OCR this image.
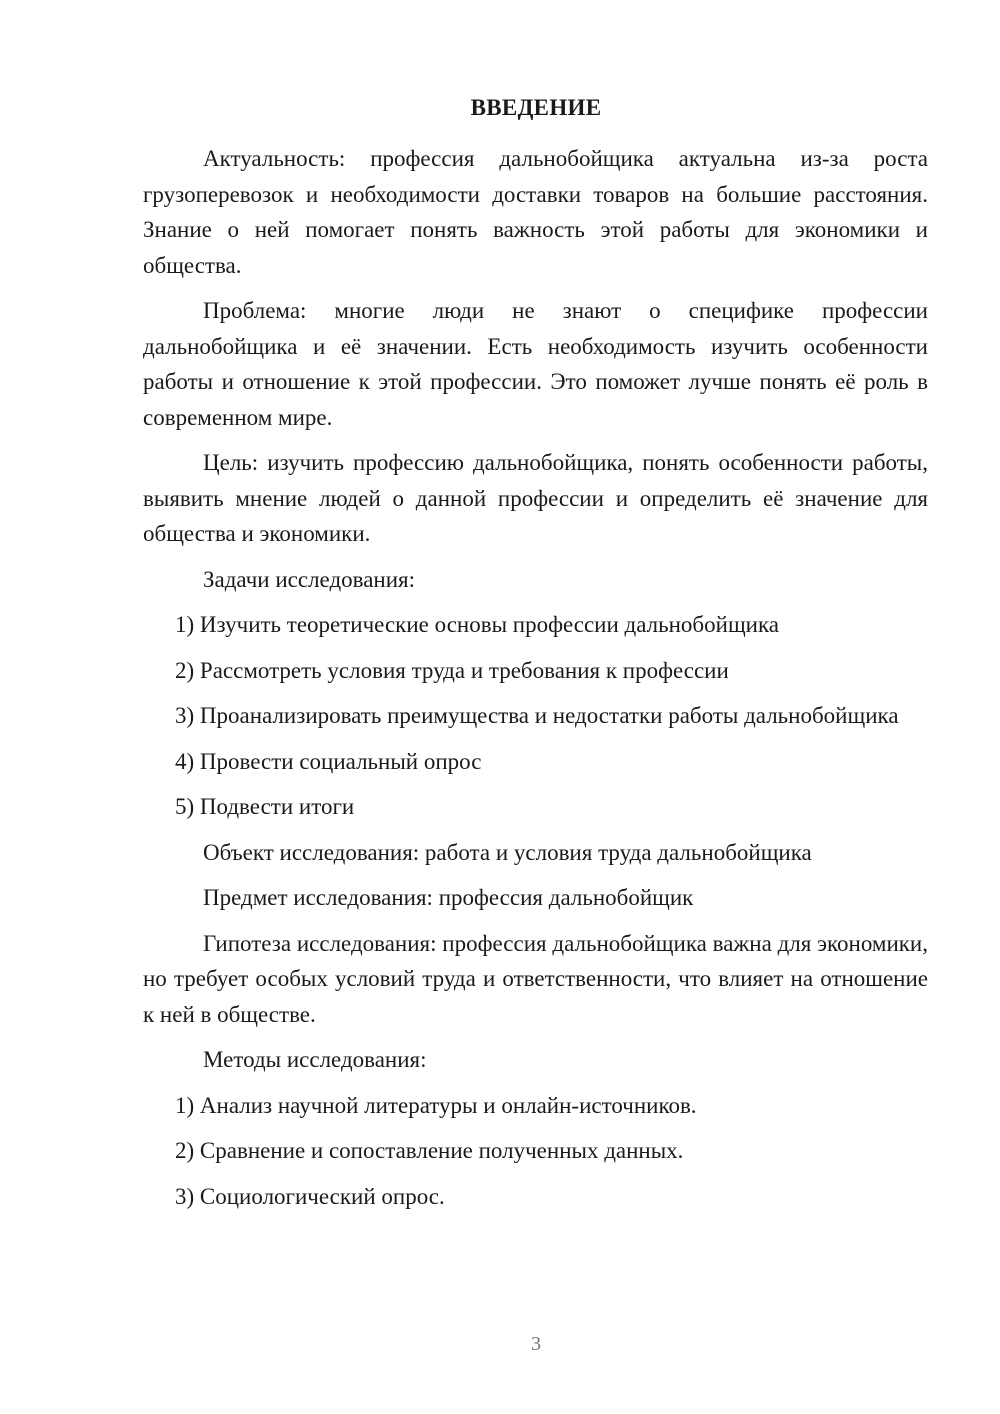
ВВЕДЕНИЕ

Актуальность: профессия дальнобойщика актуальна из-за роста грузоперевозок и необходимости доставки товаров на большие расстояния. Знание о ней помогает понять важность этой работы для экономики и общества.

Проблема: многие люди не знают о специфике профессии дальнобойщика и её значении. Есть необходимость изучить особенности работы и отношение к этой профессии. Это поможет лучше понять её роль в современном мире.

Цель: изучить профессию дальнобойщика, понять особенности работы, выявить мнение людей о данной профессии и определить её значение для общества и экономики.

Задачи исследования:

1) Изучить теоретические основы профессии дальнобойщика

2) Рассмотреть условия труда и требования к профессии

3) Проанализировать преимущества и недостатки работы дальнобойщика

4) Провести социальный опрос

5) Подвести итоги

Объект исследования: работа и условия труда дальнобойщика

Предмет исследования: профессия дальнобойщик

Гипотеза исследования: профессия дальнобойщика важна для экономики, но требует особых условий труда и ответственности, что влияет на отношение к ней в обществе.

Методы исследования:

1) Анализ научной литературы и онлайн-источников.

2) Сравнение и сопоставление полученных данных.

3) Социологический опрос.

3
